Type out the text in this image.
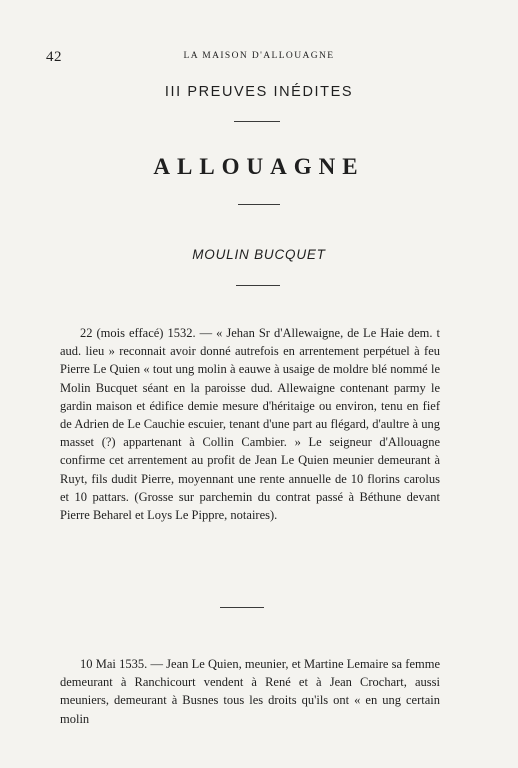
42	LA MAISON D'ALLOUAGNE
III PREUVES INÉDITES
ALLOUAGNE
MOULIN BUCQUET

22 (mois effacé) 1532. — « Jehan Sr d'Allewaigne, de Le Haie dem. t aud. lieu » reconnait avoir donné autrefois en arrentement perpétuel à feu Pierre Le Quien « tout ung molin à eauwe à usaige de moldre blé nommé le Molin Bucquet séant en la paroisse dud. Allewaigne contenant parmy le gardin maison et édifice demie mesure d'héritaige ou environ, tenu en fief de Adrien de Le Cauchie escuier, tenant d'une part au flégard, d'aultre à ung masset (?) appartenant à Collin Cambier. » Le seigneur d'Allouagne confirme cet arrentement au profit de Jean Le Quien meunier demeurant à Ruyt, fils dudit Pierre, moyennant une rente annuelle de 10 florins carolus et 10 pattars. (Grosse sur parchemin du contrat passé à Béthune devant Pierre Beharel et Loys Le Pippre, notaires).

10 Mai 1535. — Jean Le Quien, meunier, et Martine Lemaire sa femme demeurant à Ranchicourt vendent à René et à Jean Crochart, aussi meuniers, demeurant à Busnes tous les droits qu'ils ont « en ung certain molin
